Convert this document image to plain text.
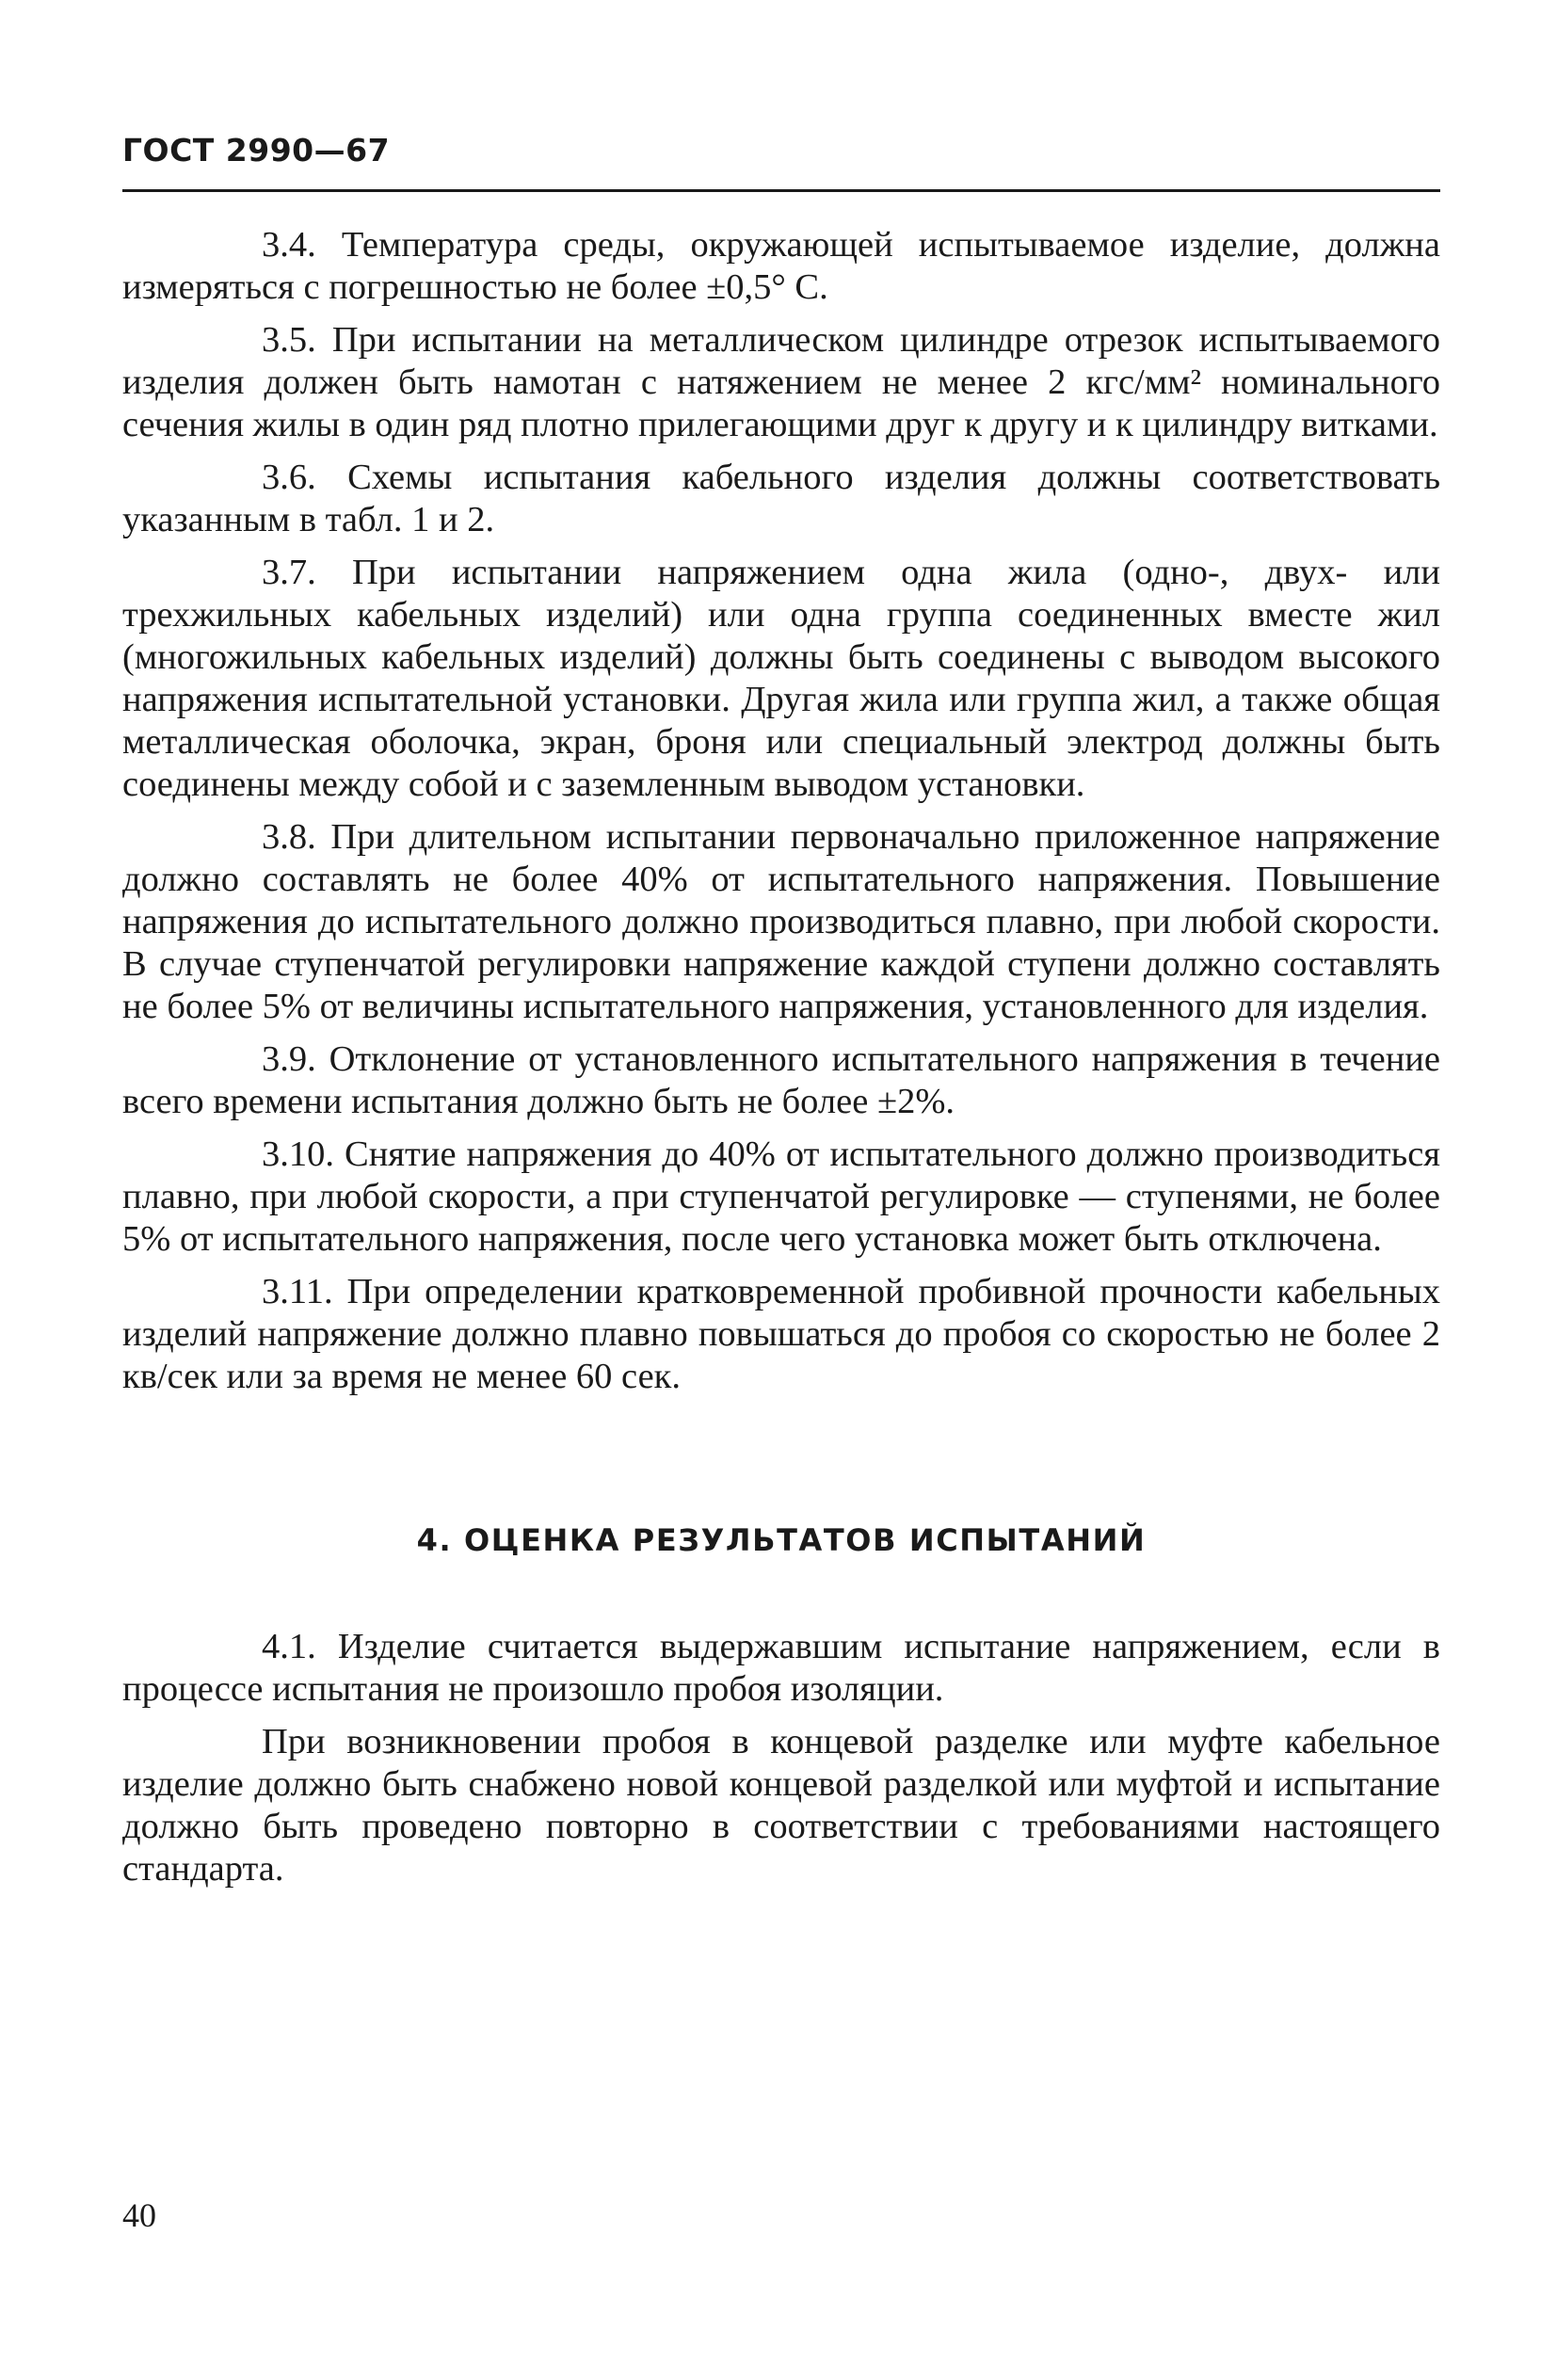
ГОСТ 2990—67

3.4. Температура среды, окружающей испытываемое изделие, должна измеряться с погрешностью не более ±0,5° С.

3.5. При испытании на металлическом цилиндре отрезок испытываемого изделия должен быть намотан с натяжением не менее 2 кгс/мм² номинального сечения жилы в один ряд плотно прилегающими друг к другу и к цилиндру витками.

3.6. Схемы испытания кабельного изделия должны соответствовать указанным в табл. 1 и 2.

3.7. При испытании напряжением одна жила (одно-, двух- или трехжильных кабельных изделий) или одна группа соединенных вместе жил (многожильных кабельных изделий) должны быть соединены с выводом высокого напряжения испытательной установки. Другая жила или группа жил, а также общая металлическая оболочка, экран, броня или специальный электрод должны быть соединены между собой и с заземленным выводом установки.

3.8. При длительном испытании первоначально приложенное напряжение должно составлять не более 40% от испытательного напряжения. Повышение напряжения до испытательного должно производиться плавно, при любой скорости. В случае ступенчатой регулировки напряжение каждой ступени должно составлять не более 5% от величины испытательного напряжения, установленного для изделия.

3.9. Отклонение от установленного испытательного напряжения в течение всего времени испытания должно быть не более ±2%.

3.10. Снятие напряжения до 40% от испытательного должно производиться плавно, при любой скорости, а при ступенчатой регулировке — ступенями, не более 5% от испытательного напряжения, после чего установка может быть отключена.

3.11. При определении кратковременной пробивной прочности кабельных изделий напряжение должно плавно повышаться до пробоя со скоростью не более 2 кв/сек или за время не менее 60 сек.

4. ОЦЕНКА РЕЗУЛЬТАТОВ ИСПЫТАНИЙ

4.1. Изделие считается выдержавшим испытание напряжением, если в процессе испытания не произошло пробоя изоляции.

При возникновении пробоя в концевой разделке или муфте кабельное изделие должно быть снабжено новой концевой разделкой или муфтой и испытание должно быть проведено повторно в соответствии с требованиями настоящего стандарта.

40
